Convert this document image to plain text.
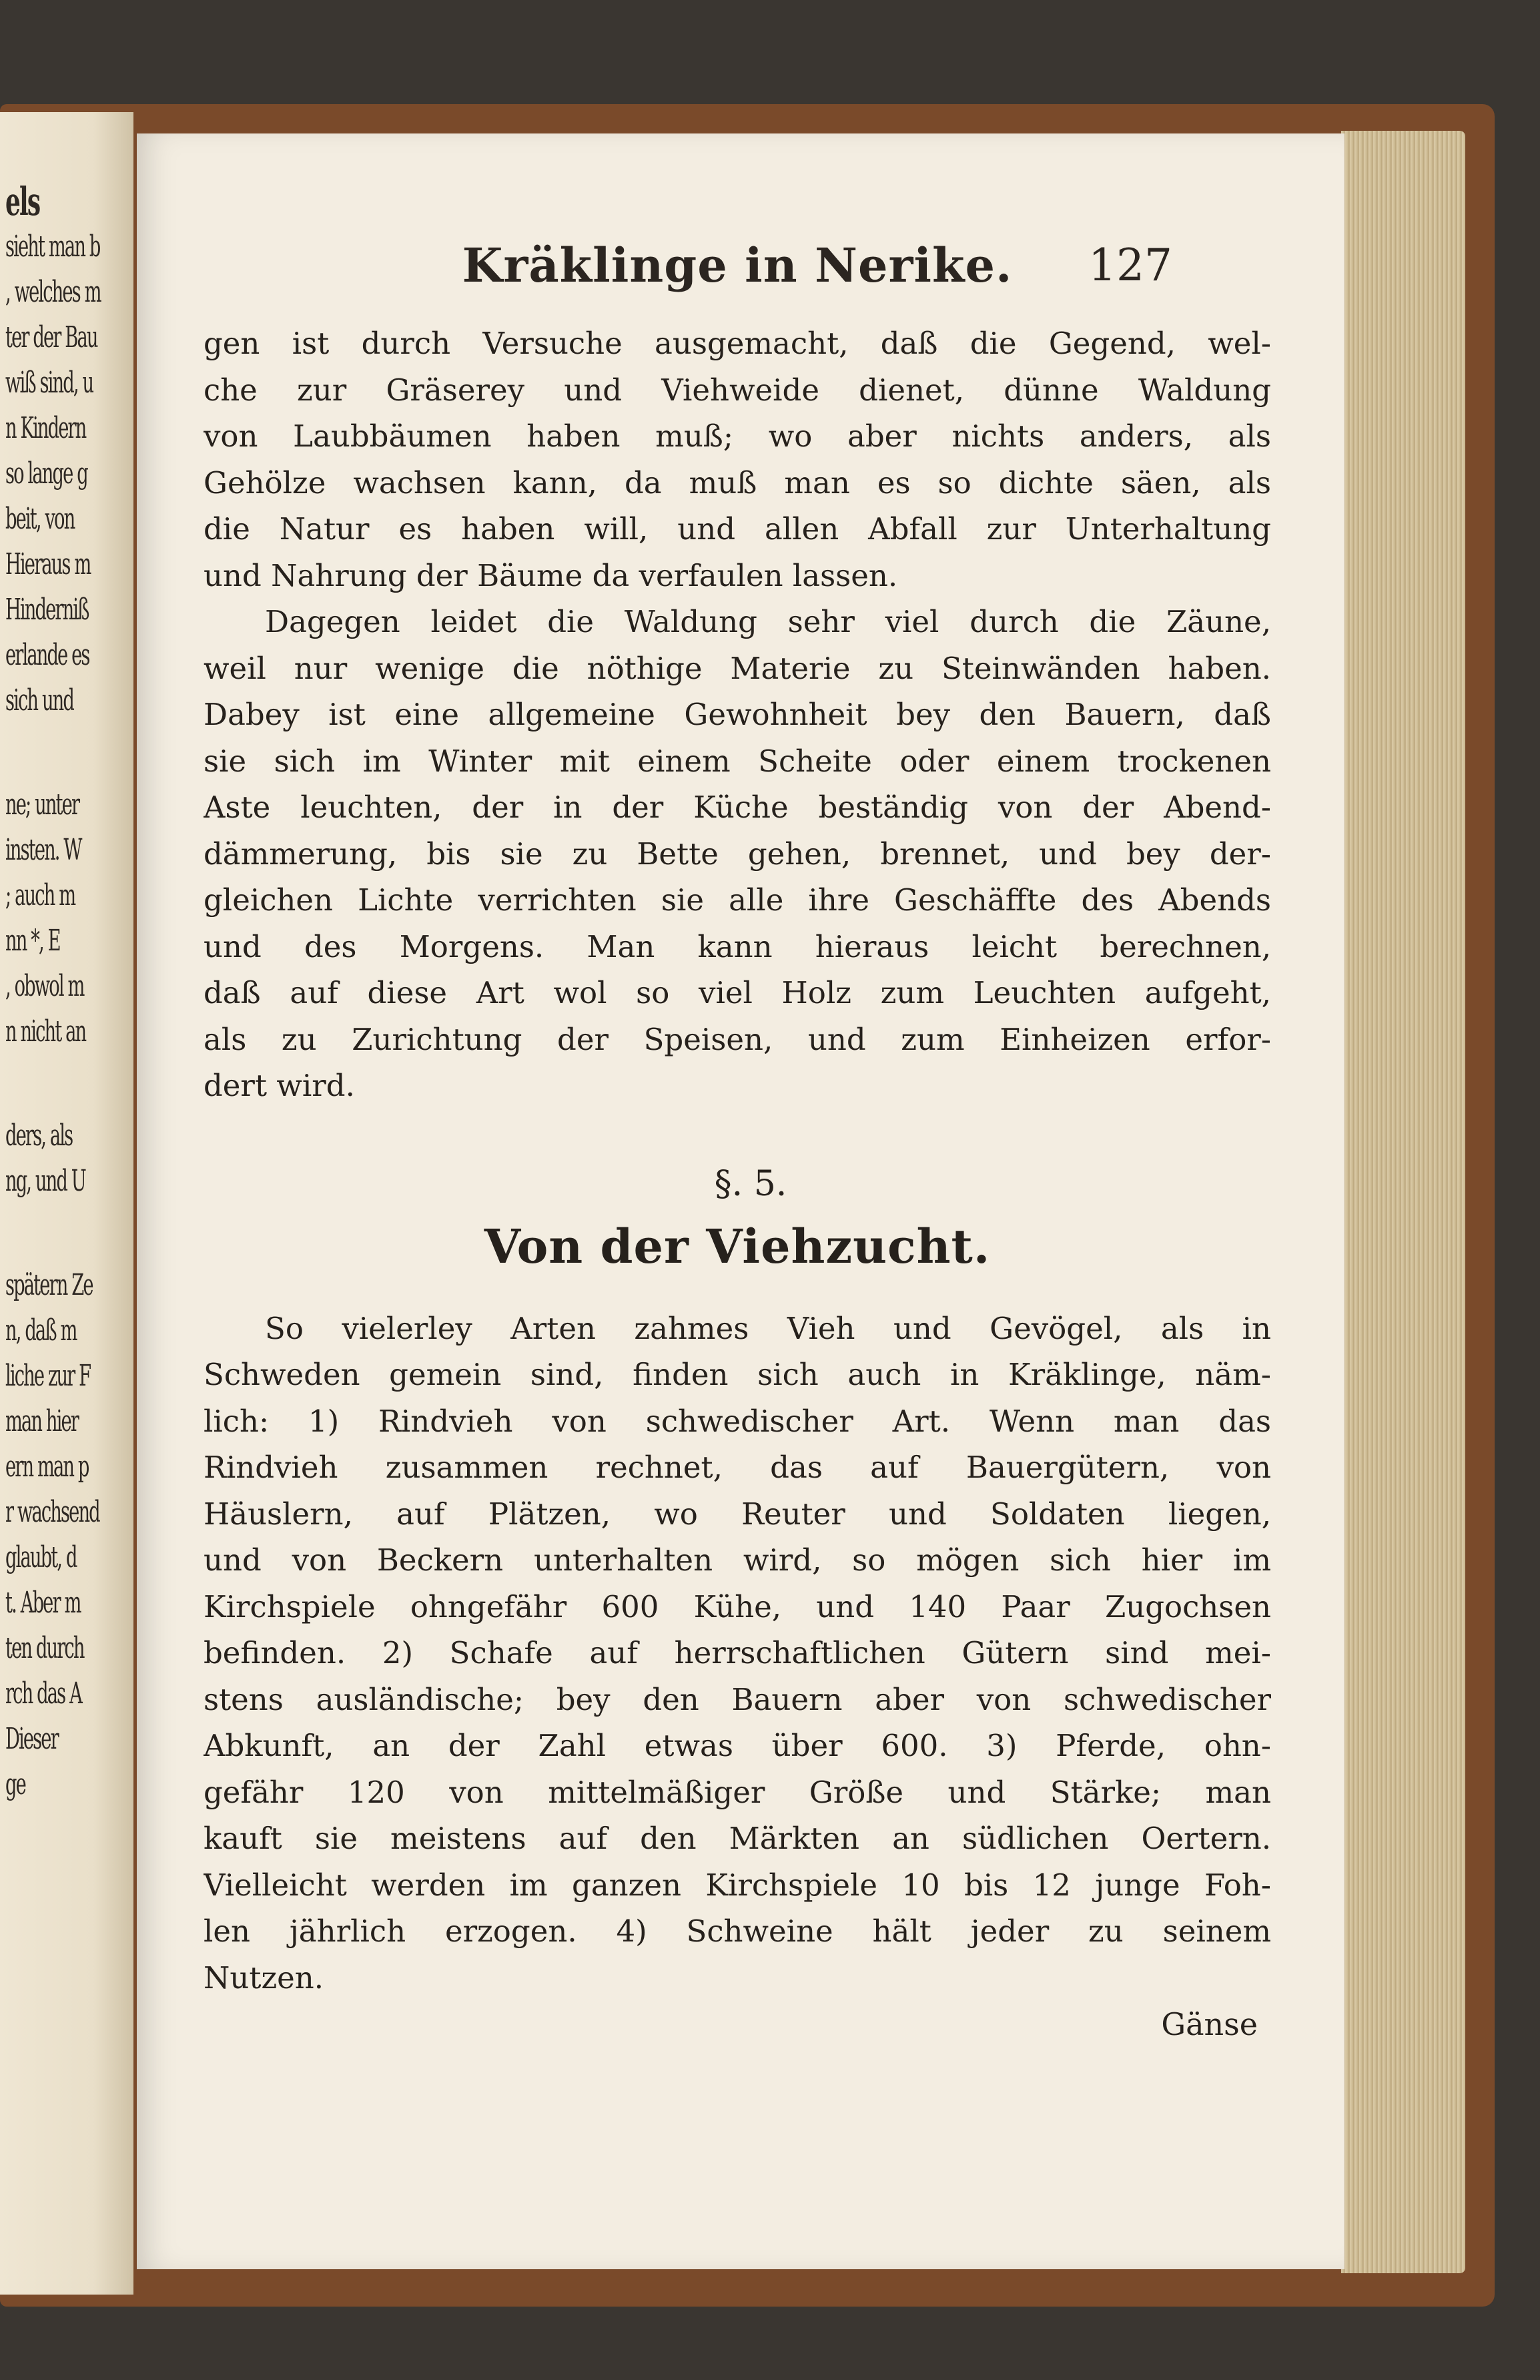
els
sieht man b
, welches m
ter der Bau
wiß sind, u
n Kindern
so lange g
beit, von
Hieraus m
Hinderniß
erlande es
sich und
ne; unter
insten. W
; auch m
nn *, E
, obwol m
n nicht an
ders, als
ng, und U
spätern Ze
n, daß m
liche zur F
man hier
ern man p
r wachsend
glaubt, d
t. Aber m
ten durch
rch das A
Dieser
ge
Kräklinge in Nerike.	127
gen ist durch Versuche ausgemacht, daß die Gegend, wel-
che zur Gräserey und Viehweide dienet, dünne Waldung
von Laubbäumen haben muß; wo aber nichts anders, als
Gehölze wachsen kann, da muß man es so dichte säen, als
die Natur es haben will, und allen Abfall zur Unterhaltung
und Nahrung der Bäume da verfaulen lassen.
Dagegen leidet die Waldung sehr viel durch die Zäune,
weil nur wenige die nöthige Materie zu Steinwänden haben.
Dabey ist eine allgemeine Gewohnheit bey den Bauern, daß
sie sich im Winter mit einem Scheite oder einem trockenen
Aste leuchten, der in der Küche beständig von der Abend-
dämmerung, bis sie zu Bette gehen, brennet, und bey der-
gleichen Lichte verrichten sie alle ihre Geschäffte des Abends
und des Morgens. Man kann hieraus leicht berechnen,
daß auf diese Art wol so viel Holz zum Leuchten aufgeht,
als zu Zurichtung der Speisen, und zum Einheizen erfor-
dert wird.
§. 5.
Von der Viehzucht.
So vielerley Arten zahmes Vieh und Gevögel, als in
Schweden gemein sind, finden sich auch in Kräklinge, näm-
lich: 1) Rindvieh von schwedischer Art. Wenn man das
Rindvieh zusammen rechnet, das auf Bauergütern, von
Häuslern, auf Plätzen, wo Reuter und Soldaten liegen,
und von Beckern unterhalten wird, so mögen sich hier im
Kirchspiele ohngefähr 600 Kühe, und 140 Paar Zugochsen
befinden. 2) Schafe auf herrschaftlichen Gütern sind mei-
stens ausländische; bey den Bauern aber von schwedischer
Abkunft, an der Zahl etwas über 600. 3) Pferde, ohn-
gefähr 120 von mittelmäßiger Größe und Stärke; man
kauft sie meistens auf den Märkten an südlichen Oertern.
Vielleicht werden im ganzen Kirchspiele 10 bis 12 junge Foh-
len jährlich erzogen. 4) Schweine hält jeder zu seinem
Nutzen.
Gänse
